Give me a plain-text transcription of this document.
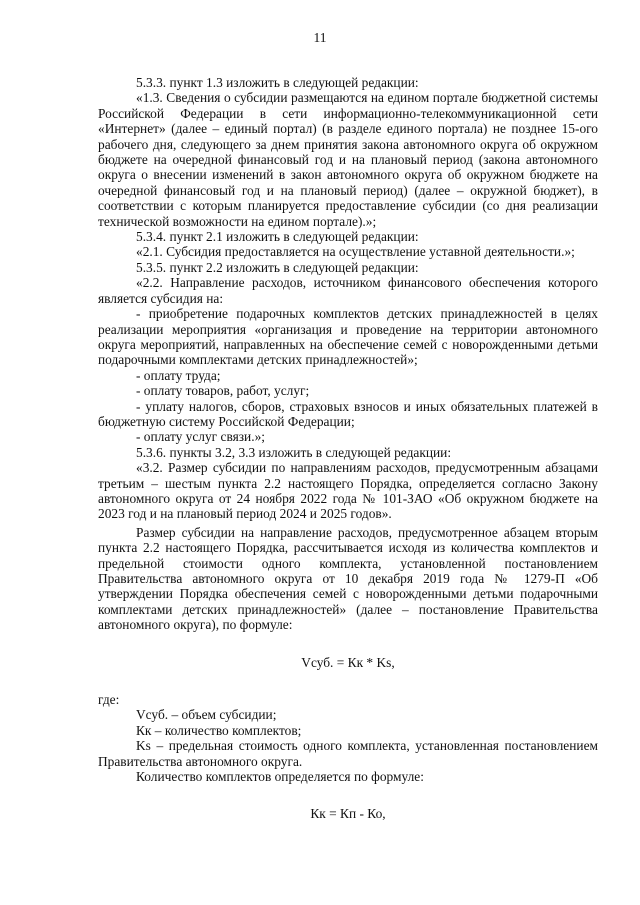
11

5.3.3. пункт 1.3 изложить в следующей редакции:

«1.3. Сведения о субсидии размещаются на едином портале бюджетной системы Российской Федерации в сети информационно-телекоммуникационной сети «Интернет» (далее – единый портал) (в разделе единого портала) не позднее 15-ого рабочего дня, следующего за днем принятия закона автономного округа об окружном бюджете на очередной финансовый год и на плановый период (закона автономного округа о внесении изменений в закон автономного округа об окружном бюджете на очередной финансовый год и на плановый период) (далее – окружной бюджет), в соответствии с которым планируется предоставление субсидии (со дня реализации технической возможности на едином портале).»;

5.3.4. пункт 2.1 изложить в следующей редакции:

«2.1. Субсидия предоставляется на осуществление уставной деятельности.»;

5.3.5. пункт 2.2 изложить в следующей редакции:

«2.2. Направление расходов, источником финансового обеспечения которого является субсидия на:

- приобретение подарочных комплектов детских принадлежностей в целях реализации мероприятия «организация и проведение на территории автономного округа мероприятий, направленных на обеспечение семей с новорожденными детьми подарочными комплектами детских принадлежностей»;

- оплату труда;

- оплату товаров, работ, услуг;

- уплату налогов, сборов, страховых взносов и иных обязательных платежей в бюджетную систему Российской Федерации;

- оплату услуг связи.»;

5.3.6. пункты 3.2, 3.3 изложить в следующей редакции:

«3.2. Размер субсидии по направлениям расходов, предусмотренным абзацами третьим – шестым пункта 2.2 настоящего Порядка, определяется согласно Закону автономного округа от 24 ноября 2022 года № 101-ЗАО «Об окружном бюджете на 2023 год и на плановый период 2024 и 2025 годов».

Размер субсидии на направление расходов, предусмотренное абзацем вторым пункта 2.2 настоящего Порядка, рассчитывается исходя из количества комплектов и предельной стоимости одного комплекта, установленной постановлением Правительства автономного округа от 10 декабря 2019 года № 1279-П «Об утверждении Порядка обеспечения семей с новорожденными детьми подарочными комплектами детских принадлежностей» (далее – постановление Правительства автономного округа), по формуле:

Vсуб. = Кк * Ks,

где:

Vсуб. – объем субсидии;

Кк – количество комплектов;

Ks – предельная стоимость одного комплекта, установленная постановлением Правительства автономного округа.

Количество комплектов определяется по формуле:

Кк = Кп - Ко,
